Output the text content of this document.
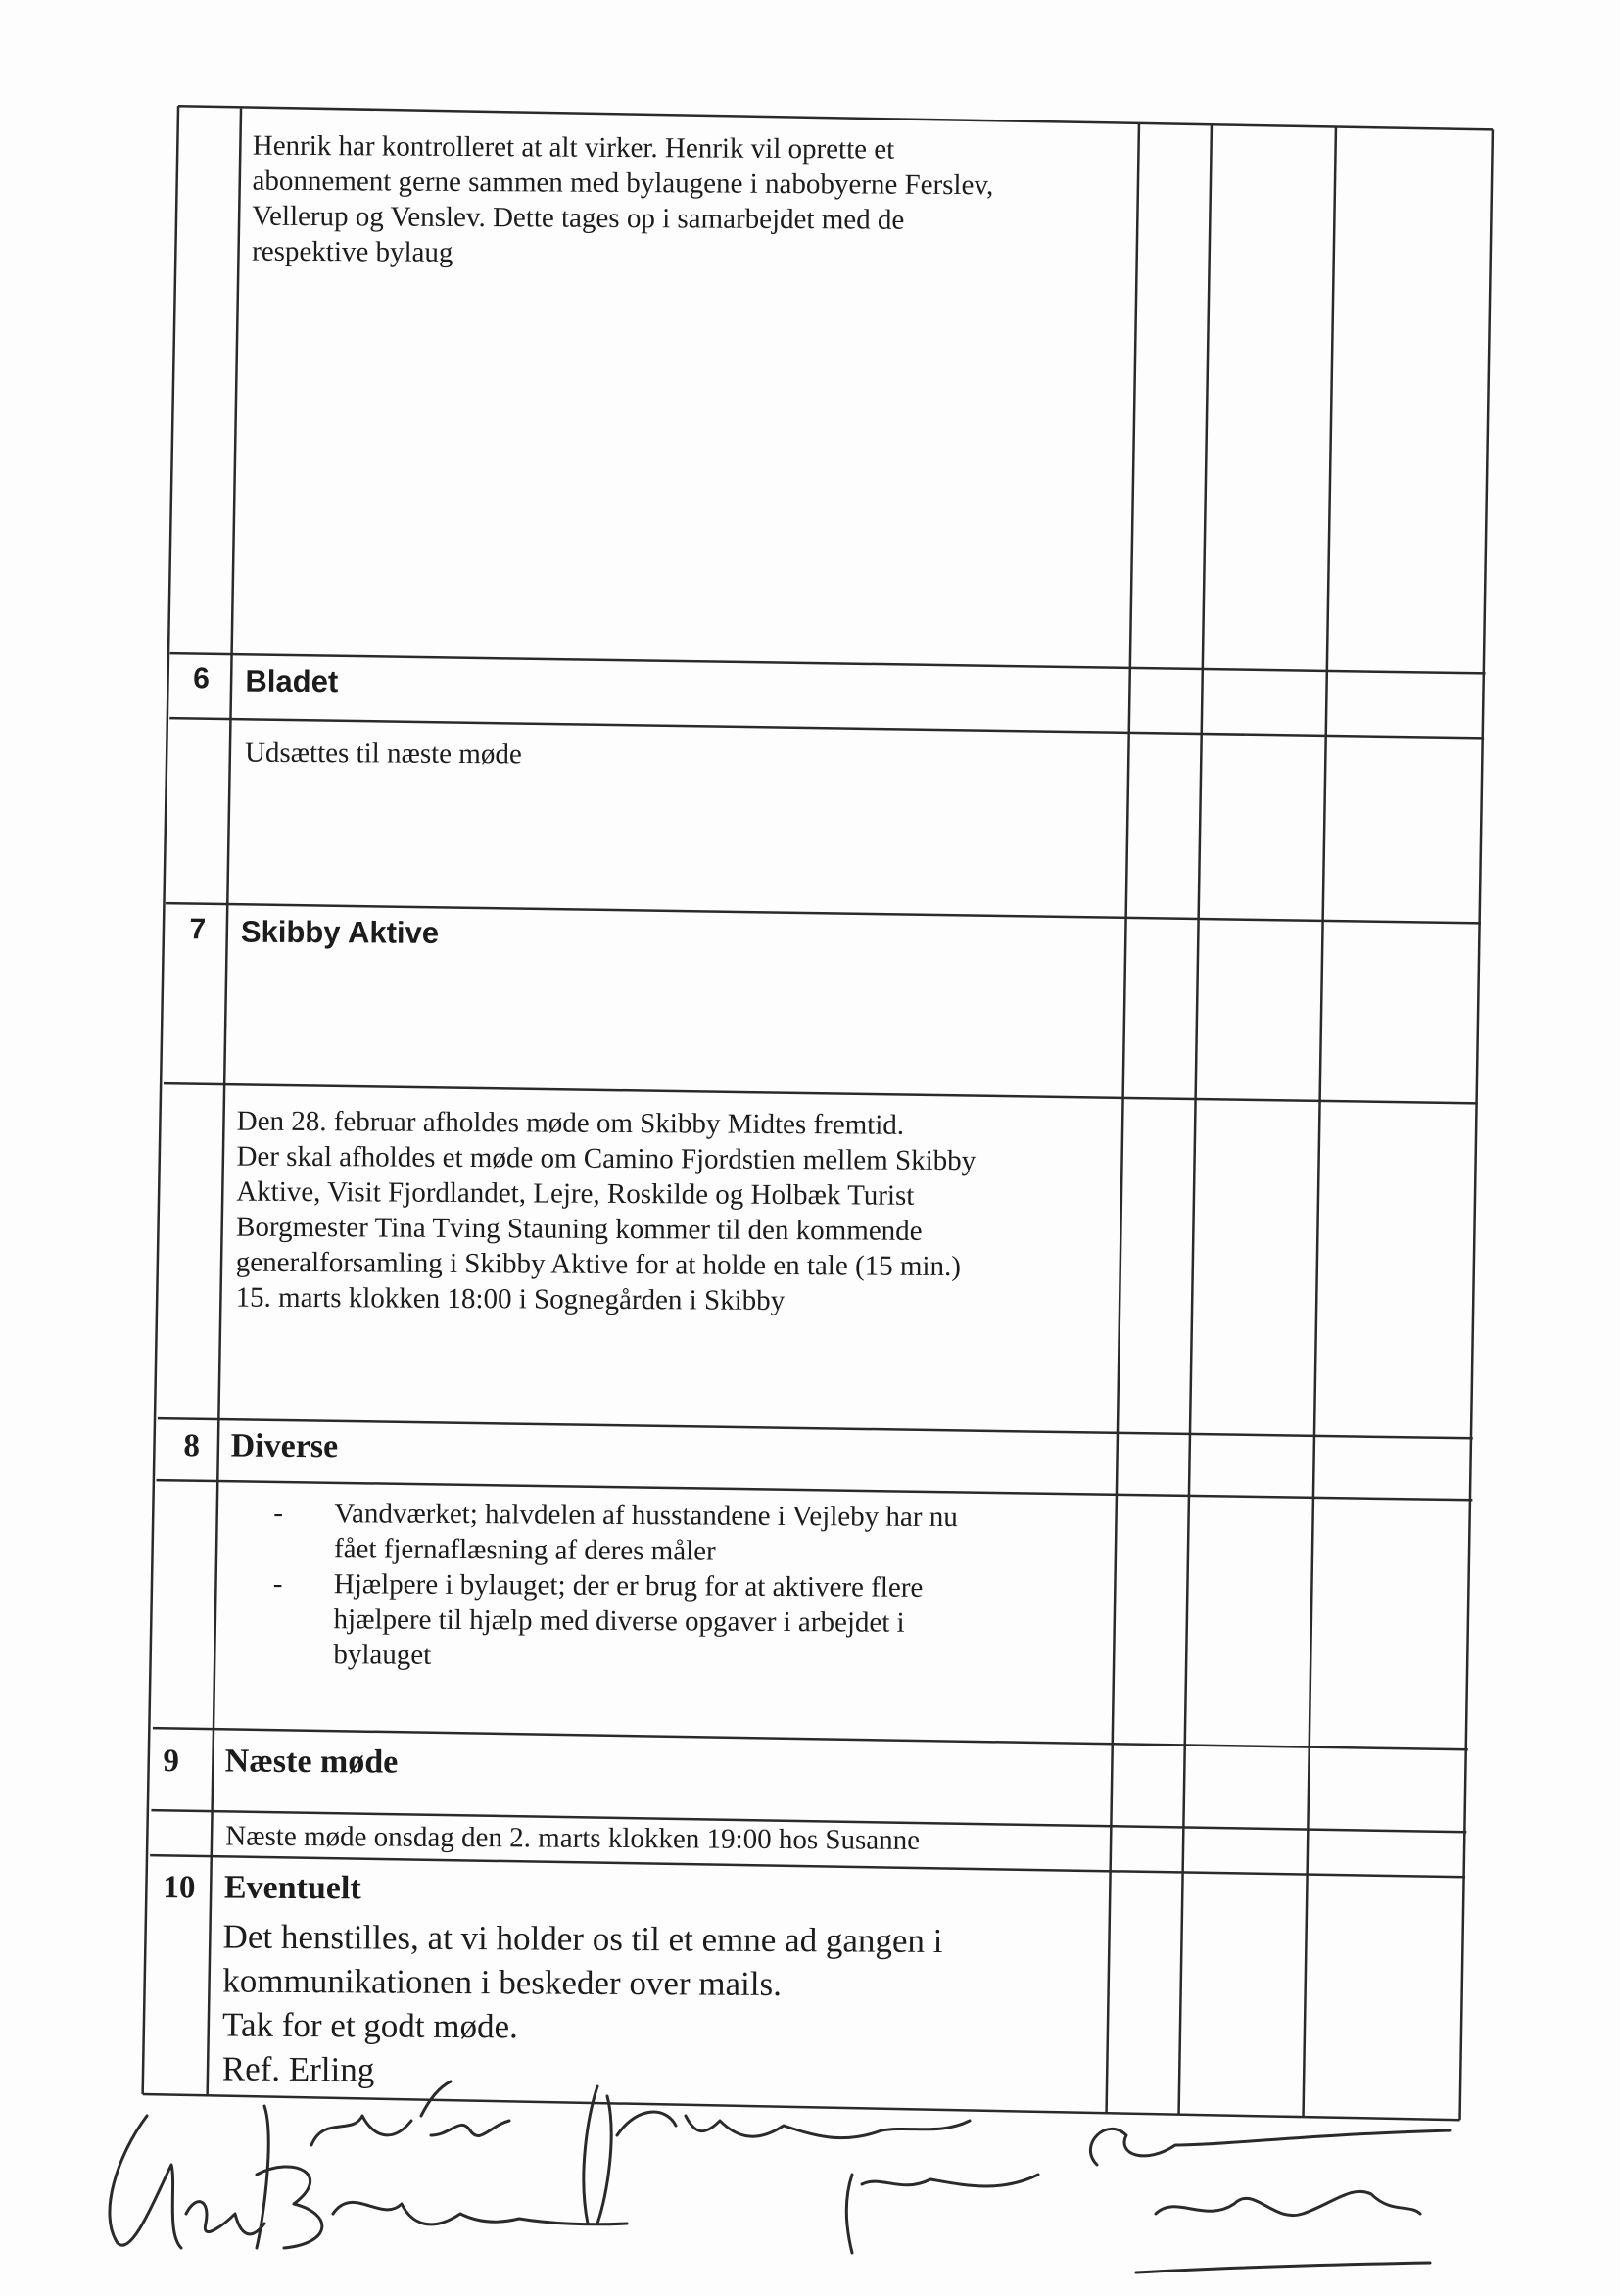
Henrik har kontrolleret at alt virker. Henrik vil oprette et

abonnement gerne sammen med bylaugene i nabobyerne Ferslev,

Vellerup og Venslev. Dette tages op i samarbejdet med de

respektive bylaug

6	Bladet

Udsættes til næste møde

7	Skibby Aktive

Den 28. februar afholdes møde om Skibby Midtes fremtid.

Der skal afholdes et møde om Camino Fjordstien mellem Skibby

Aktive, Visit Fjordlandet, Lejre, Roskilde og Holbæk Turist

Borgmester Tina Tving Stauning kommer til den kommende

generalforsamling i Skibby Aktive for at holde en tale (15 min.)

15. marts klokken 18:00 i Sognegården i Skibby

8 Diverse
- Vandværket; halvdelen af husstandene i Vejleby har nu

fået fjernaflæsning af deres måler

- Hjælpere i bylauget; der er brug for at aktivere flere

hjælpere til hjælp med diverse opgaver i arbejdet i

bylauget

9	Næste møde

Næste møde onsdag den 2. marts klokken 19:00 hos Susanne

10 Eventuelt

Det henstilles, at vi holder os til et emne ad gangen i

kommunikationen i beskeder over mails.

Tak for et godt møde.

Ref. Erling
